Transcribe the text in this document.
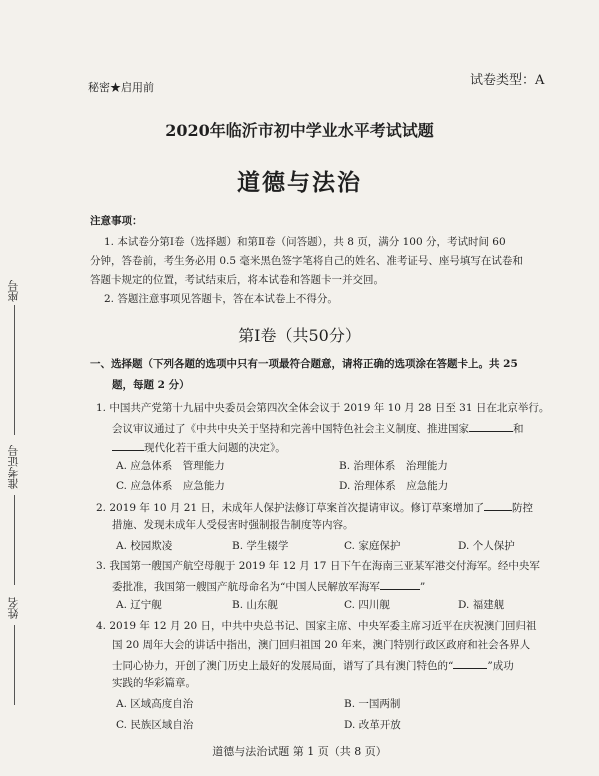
秘密★启用前	试卷类型：A
2020年临沂市初中学业水平考试试题
道德与法治
座号
准考证号
姓名
注意事项：
1. 本试卷分第Ⅰ卷（选择题）和第Ⅱ卷（问答题），共 8 页，满分 100 分，考试时间 60
分钟，答卷前，考生务必用 0.5 毫米黑色签字笔将自己的姓名、准考证号、座号填写在试卷和
答题卡规定的位置，考试结束后，将本试卷和答题卡一并交回。
2. 答题注意事项见答题卡，答在本试卷上不得分。
第Ⅰ卷（共50分）
一、选择题（下列各题的选项中只有一项最符合题意，请将正确的选项涂在答题卡上。共 25
题，每题 2 分）
1. 中国共产党第十九届中央委员会第四次全体会议于 2019 年 10 月 28 日至 31 日在北京举行。
会议审议通过了《中共中央关于坚持和完善中国特色社会主义制度、推进国家	和
现代化若干重大问题的决定》。
A. 应急体系　管理能力	B. 治理体系　治理能力
C. 应急体系　应急能力	D. 治理体系　应急能力
2. 2019 年 10 月 21 日，未成年人保护法修订草案首次提请审议。修订草案增加了	防控
措施、发现未成年人受侵害时强制报告制度等内容。
A. 校园欺凌	B. 学生辍学	C. 家庭保护	D. 个人保护
3. 我国第一艘国产航空母舰于 2019 年 12 月 17 日下午在海南三亚某军港交付海军。经中央军
委批准，我国第一艘国产航母命名为“中国人民解放军海军	”
A. 辽宁舰	B. 山东舰	C. 四川舰	D. 福建舰
4. 2019 年 12 月 20 日，中共中央总书记、国家主席、中央军委主席习近平在庆祝澳门回归祖
国 20 周年大会的讲话中指出，澳门回归祖国 20 年来，澳门特别行政区政府和社会各界人
士同心协力，开创了澳门历史上最好的发展局面，谱写了具有澳门特色的“	”成功
实践的华彩篇章。
A. 区域高度自治	B. 一国两制
C. 民族区域自治	D. 改革开放
道德与法治试题 第 1 页（共 8 页）
